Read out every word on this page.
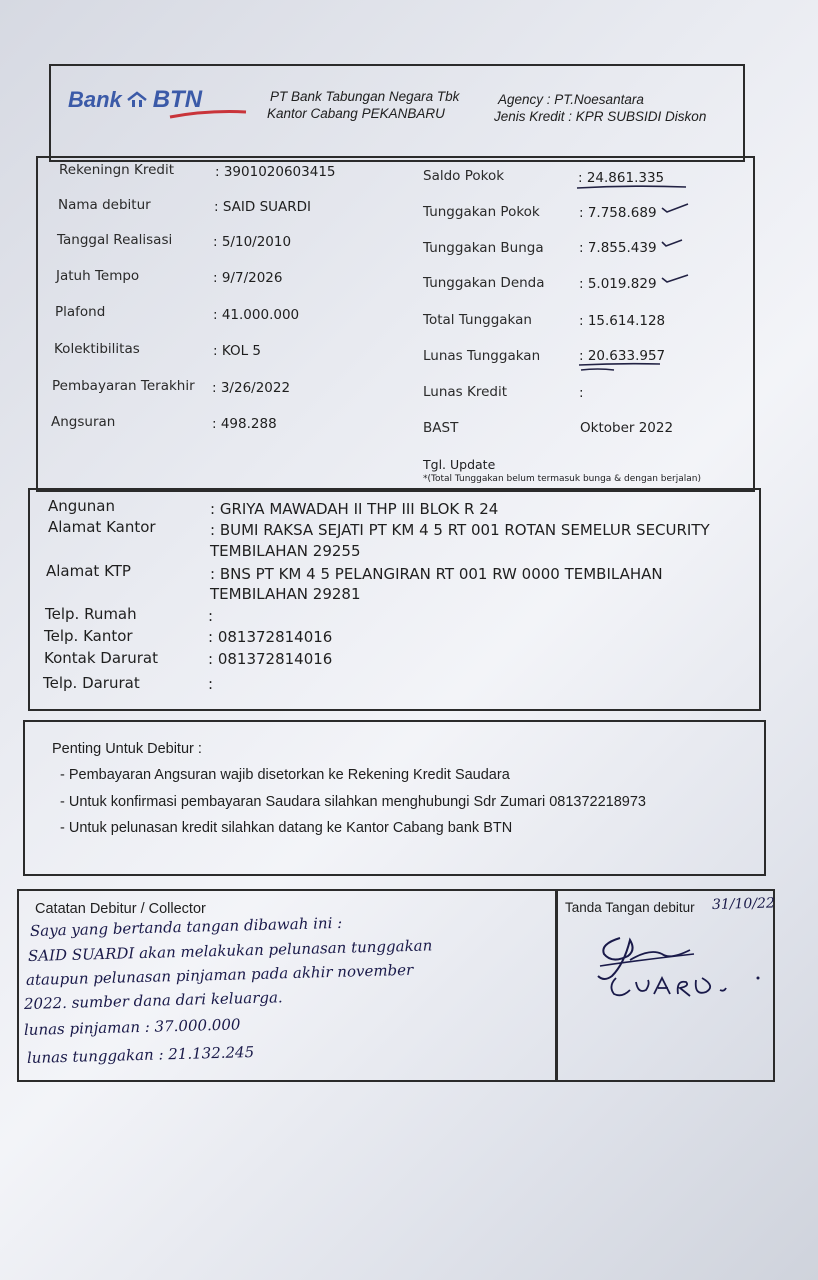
Bank BTN	PT Bank Tabungan Negara Tbk
Kantor Cabang PEKANBARU
Agency : PT.Noesantara
Jenis Kredit : KPR SUBSIDI Diskon
Rekeningn Kredit	: 3901020603415
Nama debitur	: SAID SUARDI
Tanggal Realisasi	: 5/10/2010
Jatuh Tempo	: 9/7/2026
Plafond	: 41.000.000
Kolektibilitas	: KOL 5
Pembayaran Terakhir : 3/26/2022
Angsuran	: 498.288
Saldo Pokok	: 24.861.335
Tunggakan Pokok	: 7.758.689
Tunggakan Bunga	: 7.855.439
Tunggakan Denda	: 5.019.829
Total Tunggakan	: 15.614.128
Lunas Tunggakan	: 20.633.957
Lunas Kredit	:
BAST	Oktober 2022
Tgl. Update
*(Total Tunggakan belum termasuk bunga & dengan berjalan)
Angunan	: GRIYA MAWADAH II THP III BLOK R 24
Alamat Kantor	: BUMI RAKSA SEJATI PT KM 4 5 RT 001 ROTAN SEMELUR SECURITY
TEMBILAHAN 29255
Alamat KTP	: BNS PT KM 4 5 PELANGIRAN RT 001 RW 0000 TEMBILAHAN
TEMBILAHAN 29281
Telp. Rumah	:
Telp. Kantor	: 081372814016
Kontak Darurat	: 081372814016
Telp. Darurat	:
Penting Untuk Debitur :
- Pembayaran Angsuran wajib disetorkan ke Rekening Kredit Saudara
- Untuk konfirmasi pembayaran Saudara silahkan menghubungi Sdr Zumari 081372218973
- Untuk pelunasan kredit silahkan datang ke Kantor Cabang bank BTN
Catatan Debitur / Collector
Saya yang bertanda tangan dibawah ini :
SAID SUARDI akan melakukan pelunasan tunggakan
ataupun pelunasan pinjaman pada akhir november
2022. sumber dana dari keluarga.
lunas pinjaman : 37.000.000
lunas tunggakan : 21.132.245
Tanda Tangan debitur 31/10/22
